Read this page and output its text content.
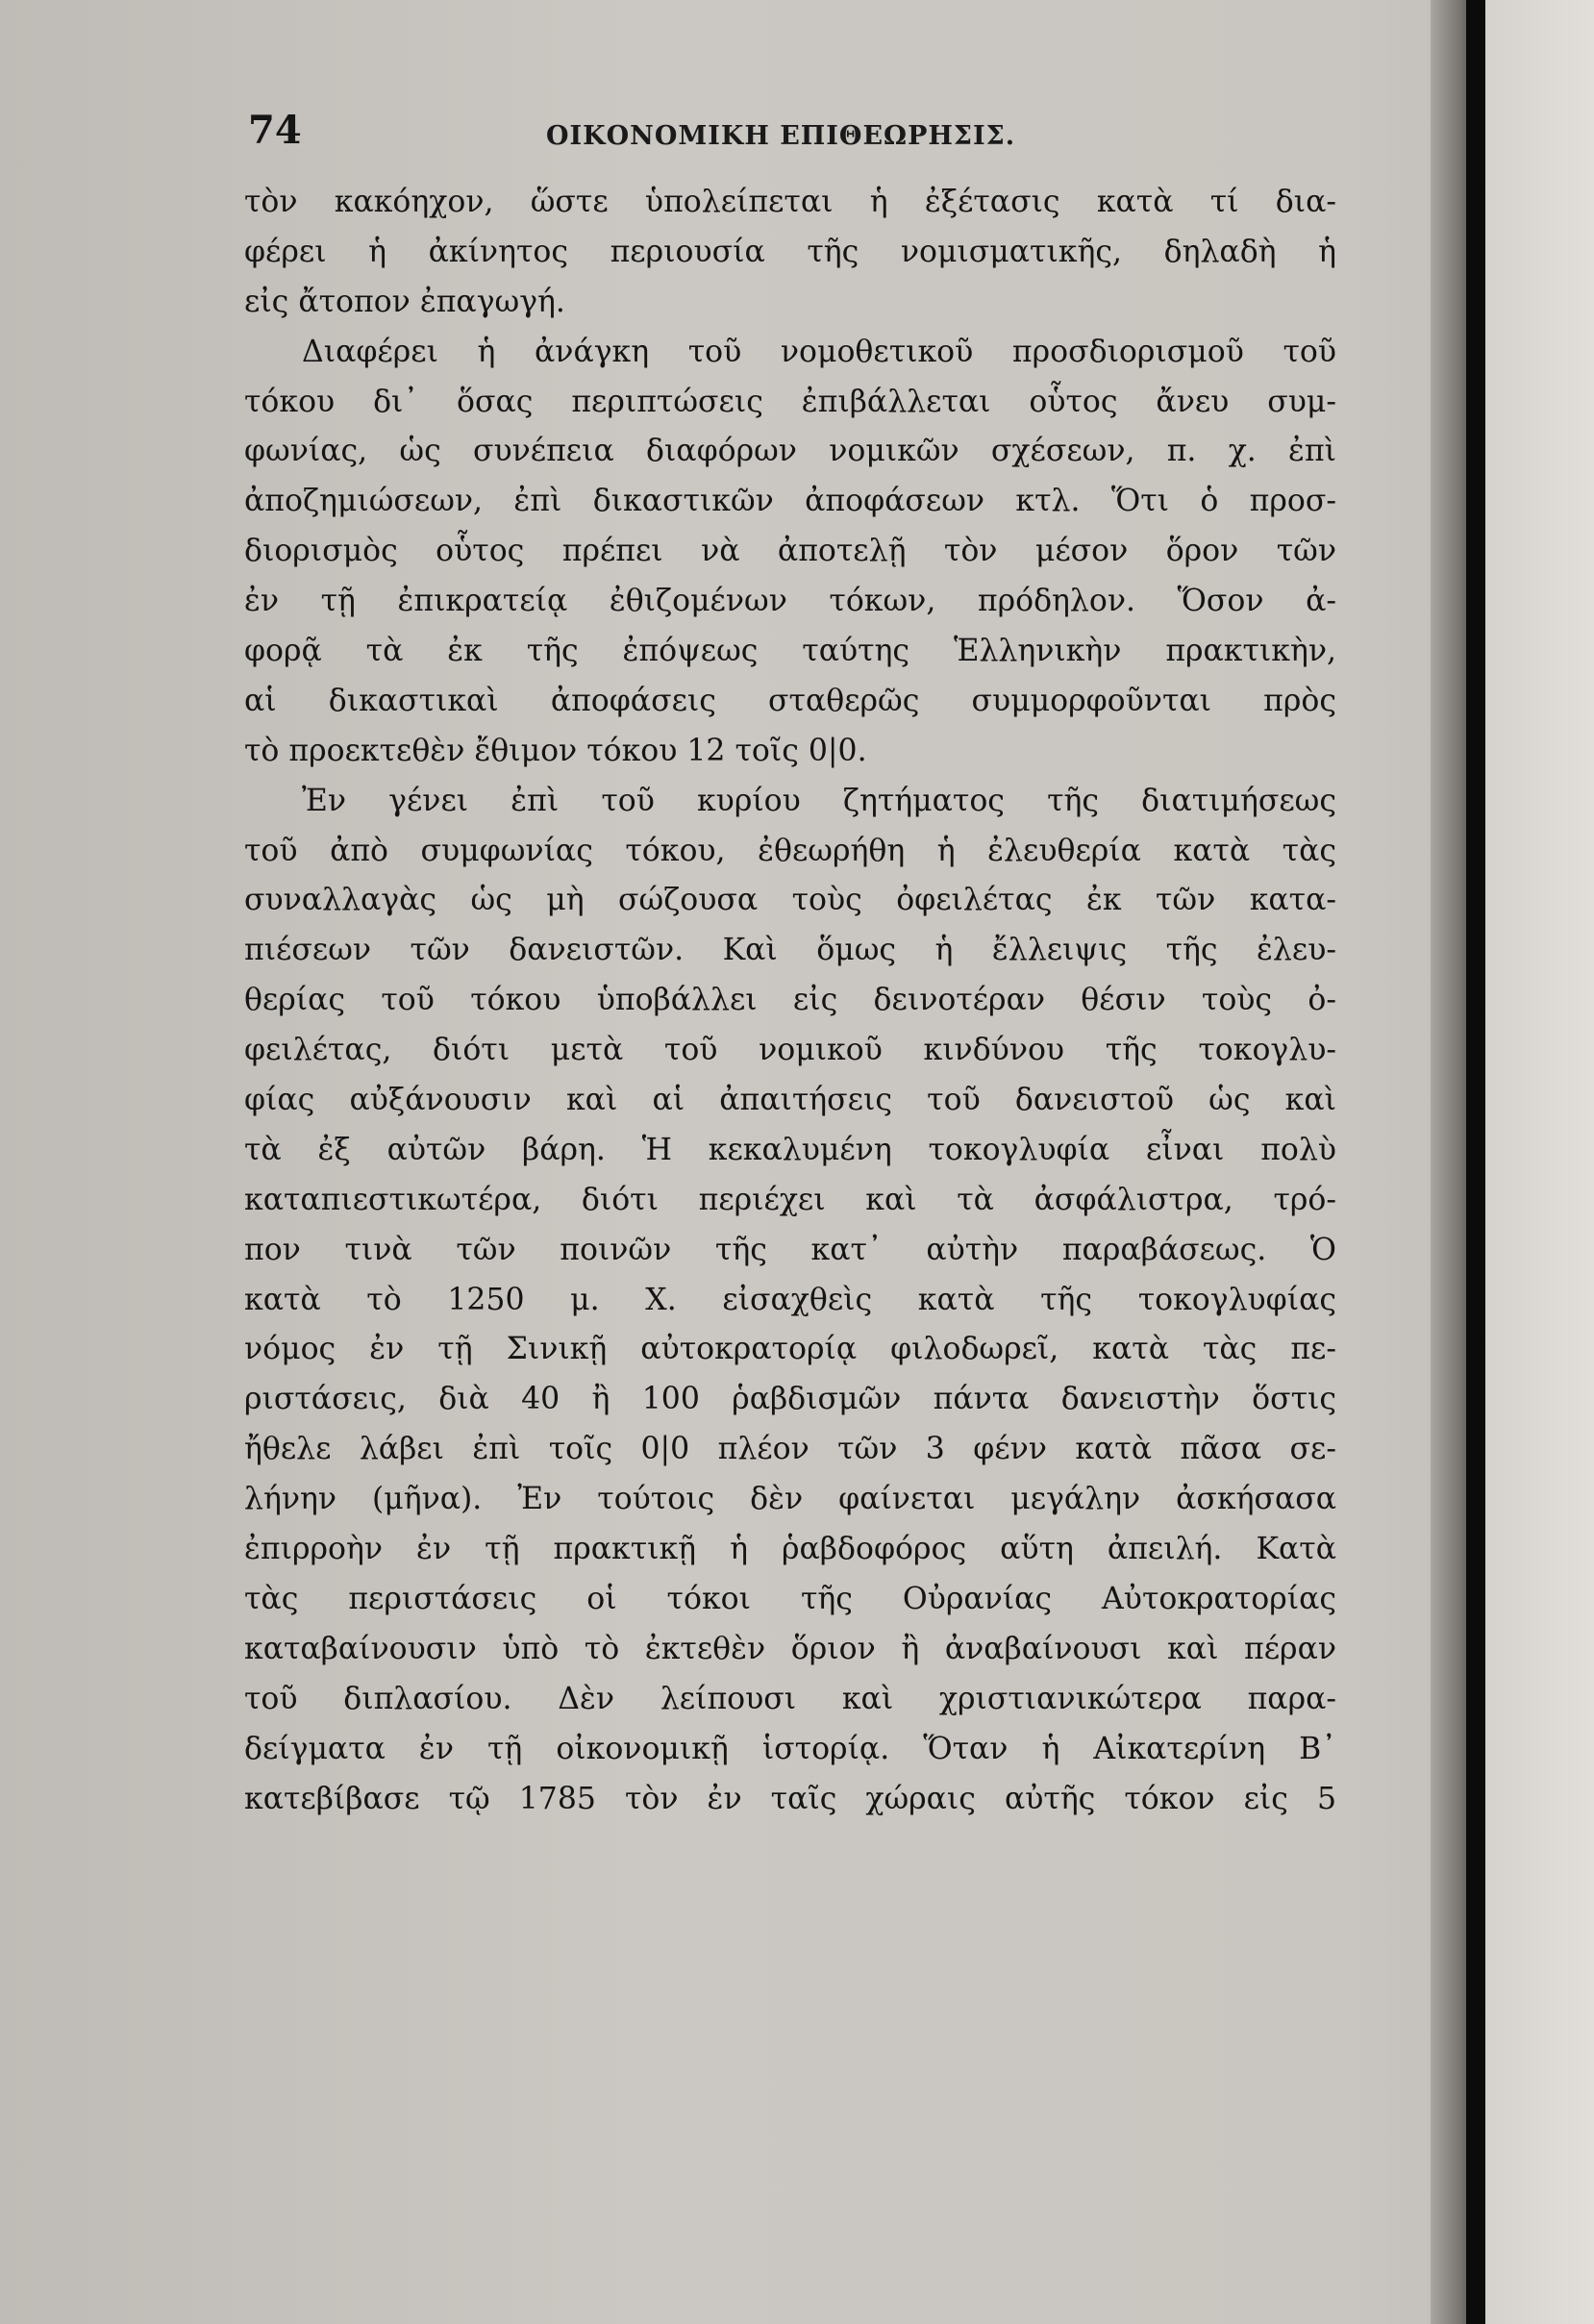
74	ΟΙΚΟΝΟΜΙΚΗ ΕΠΙΘΕΩΡΗΣΙΣ.

τὸν κακόηχον, ὥστε ὑπολείπεται ἡ ἐξέτασις κατὰ τί δια-
φέρει ἡ ἀκίνητος περιουσία τῆς νομισματικῆς, δηλαδὴ ἡ
εἰς ἄτοπον ἐπαγωγή.

Διαφέρει ἡ ἀνάγκη τοῦ νομοθετικοῦ προσδιορισμοῦ τοῦ
τόκου δι᾽ ὅσας περιπτώσεις ἐπιβάλλεται οὗτος ἄνευ συμ-
φωνίας, ὡς συνέπεια διαφόρων νομικῶν σχέσεων, π. χ. ἐπὶ
ἀποζημιώσεων, ἐπὶ δικαστικῶν ἀποφάσεων κτλ. Ὅτι ὁ προσ-
διορισμὸς οὗτος πρέπει νὰ ἀποτελῇ τὸν μέσον ὅρον τῶν
ἐν τῇ ἐπικρατείᾳ ἐθιζομένων τόκων, πρόδηλον. Ὅσον ἀ-
φορᾷ τὰ ἐκ τῆς ἐπόψεως ταύτης Ἑλληνικὴν πρακτικὴν,
αἱ δικαστικαὶ ἀποφάσεις σταθερῶς συμμορφοῦνται πρὸς
τὸ προεκτεθὲν ἔθιμον τόκου 12 τοῖς 0|0.

Ἐν γένει ἐπὶ τοῦ κυρίου ζητήματος τῆς διατιμήσεως
τοῦ ἀπὸ συμφωνίας τόκου, ἐθεωρήθη ἡ ἐλευθερία κατὰ τὰς
συναλλαγὰς ὡς μὴ σώζουσα τοὺς ὀφειλέτας ἐκ τῶν κατα-
πιέσεων τῶν δανειστῶν. Καὶ ὅμως ἡ ἔλλειψις τῆς ἐλευ-
θερίας τοῦ τόκου ὑποβάλλει εἰς δεινοτέραν θέσιν τοὺς ὀ-
φειλέτας, διότι μετὰ τοῦ νομικοῦ κινδύνου τῆς τοκογλυ-
φίας αὐξάνουσιν καὶ αἱ ἀπαιτήσεις τοῦ δανειστοῦ ὡς καὶ
τὰ ἐξ αὐτῶν βάρη. Ἡ κεκαλυμένη τοκογλυφία εἶναι πολὺ
καταπιεστικωτέρα, διότι περιέχει καὶ τὰ ἀσφάλιστρα, τρό-
πον τινὰ τῶν ποινῶν τῆς κατ᾽ αὐτὴν παραβάσεως. Ὁ
κατὰ τὸ 1250 μ. Χ. εἰσαχθεὶς κατὰ τῆς τοκογλυφίας
νόμος ἐν τῇ Σινικῇ αὐτοκρατορίᾳ φιλοδωρεῖ, κατὰ τὰς πε-
ριστάσεις, διὰ 40 ἢ 100 ῥαβδισμῶν πάντα δανειστὴν ὅστις
ἤθελε λάβει ἐπὶ τοῖς 0|0 πλέον τῶν 3 φένν κατὰ πᾶσα σε-
λήνην (μῆνα). Ἐν τούτοις δὲν φαίνεται μεγάλην ἀσκήσασα
ἐπιρροὴν ἐν τῇ πρακτικῇ ἡ ῥαβδοφόρος αὕτη ἀπειλή. Κατὰ
τὰς περιστάσεις οἱ τόκοι τῆς Οὐρανίας Αὐτοκρατορίας
καταβαίνουσιν ὑπὸ τὸ ἐκτεθὲν ὅριον ἢ ἀναβαίνουσι καὶ πέραν
τοῦ διπλασίου. Δὲν λείπουσι καὶ χριστιανικώτερα παρα-
δείγματα ἐν τῇ οἰκονομικῇ ἱστορίᾳ. Ὅταν ἡ Αἰκατερίνη Β᾽
κατεβίβασε τῷ 1785 τὸν ἐν ταῖς χώραις αὐτῆς τόκον εἰς 5
